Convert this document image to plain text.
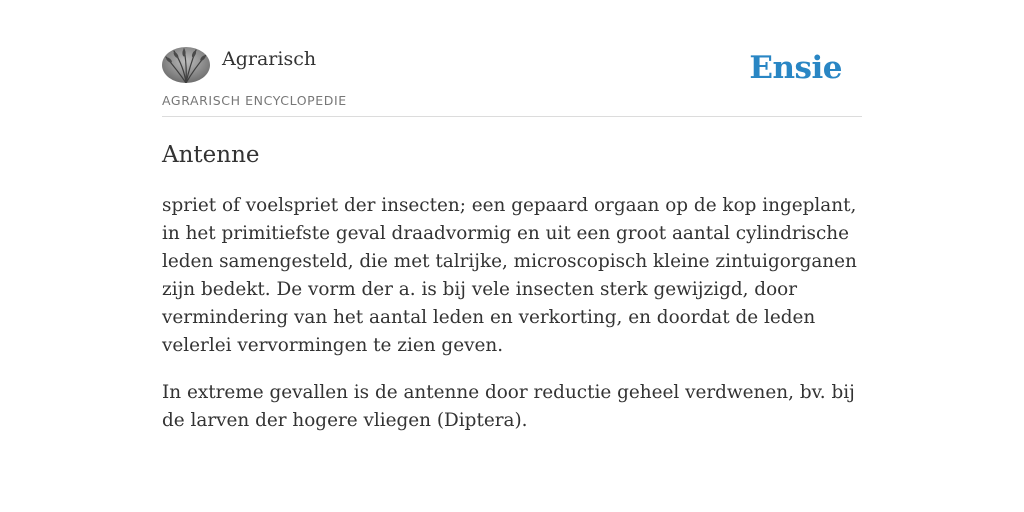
Agrarisch
AGRARISCH ENCYCLOPEDIE
Ensie
Antenne

spriet of voelspriet der insecten; een gepaard orgaan op de kop ingeplant, in het primitiefste geval draadvormig en uit een groot aantal cylindrische leden samengesteld, die met talrijke, microscopisch kleine zintuigorganen zijn bedekt. De vorm der a. is bij vele insecten sterk gewijzigd, door vermindering van het aantal leden en verkorting, en doordat de leden velerlei vervormingen te zien geven.

In extreme gevallen is de antenne door reductie geheel verdwenen, bv. bij de larven der hogere vliegen (Diptera).
